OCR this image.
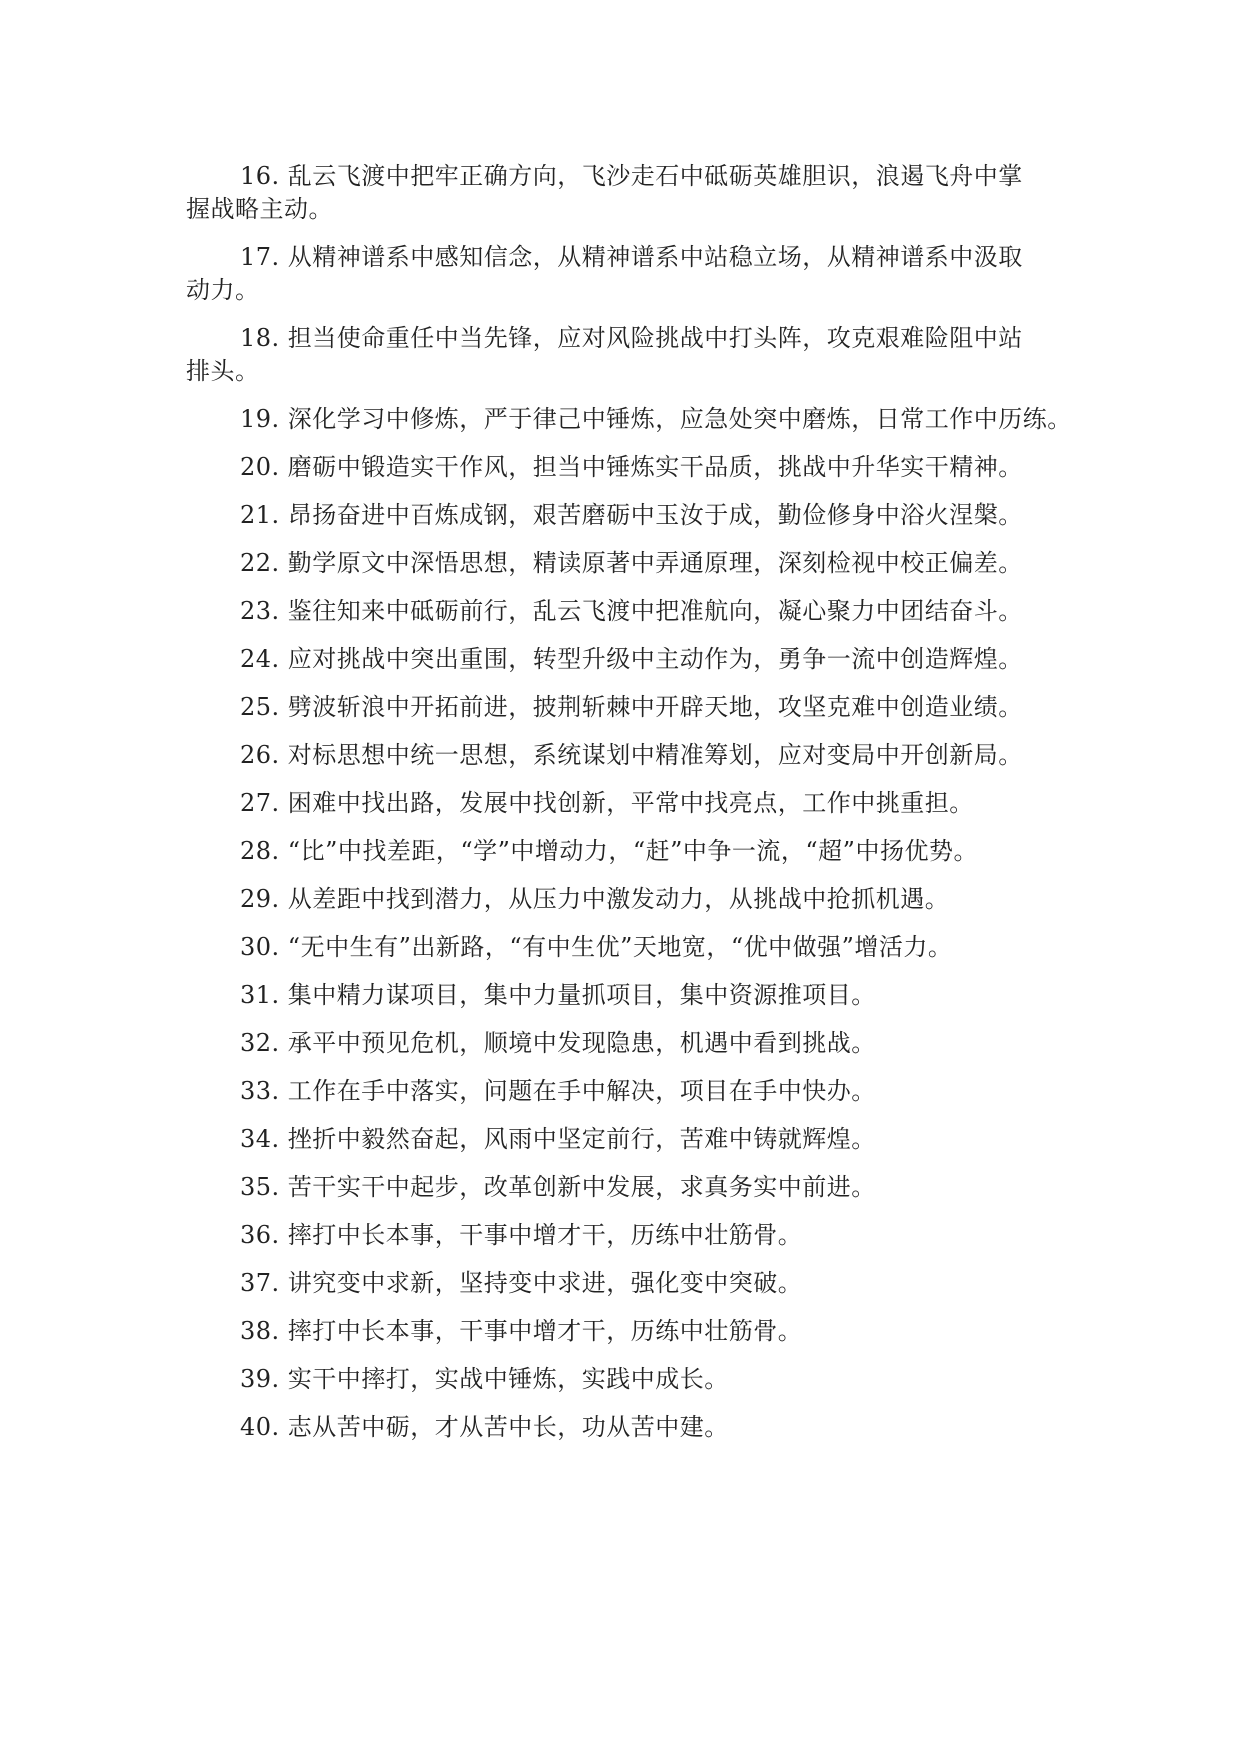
16. 乱云飞渡中把牢正确方向，飞沙走石中砥砺英雄胆识，浪遏飞舟中掌握战略主动。

17. 从精神谱系中感知信念，从精神谱系中站稳立场，从精神谱系中汲取动力。

18. 担当使命重任中当先锋，应对风险挑战中打头阵，攻克艰难险阻中站排头。

19. 深化学习中修炼，严于律己中锤炼，应急处突中磨炼，日常工作中历练。

20. 磨砺中锻造实干作风，担当中锤炼实干品质，挑战中升华实干精神。

21. 昂扬奋进中百炼成钢，艰苦磨砺中玉汝于成，勤俭修身中浴火涅槃。

22. 勤学原文中深悟思想，精读原著中弄通原理，深刻检视中校正偏差。

23. 鉴往知来中砥砺前行，乱云飞渡中把准航向，凝心聚力中团结奋斗。

24. 应对挑战中突出重围，转型升级中主动作为，勇争一流中创造辉煌。

25. 劈波斩浪中开拓前进，披荆斩棘中开辟天地，攻坚克难中创造业绩。

26. 对标思想中统一思想，系统谋划中精准筹划，应对变局中开创新局。

27. 困难中找出路，发展中找创新，平常中找亮点，工作中挑重担。

28. “比”中找差距，“学”中增动力，“赶”中争一流，“超”中扬优势。

29. 从差距中找到潜力，从压力中激发动力，从挑战中抢抓机遇。

30. “无中生有”出新路，“有中生优”天地宽，“优中做强”增活力。

31. 集中精力谋项目，集中力量抓项目，集中资源推项目。

32. 承平中预见危机，顺境中发现隐患，机遇中看到挑战。

33. 工作在手中落实，问题在手中解决，项目在手中快办。

34. 挫折中毅然奋起，风雨中坚定前行，苦难中铸就辉煌。

35. 苦干实干中起步，改革创新中发展，求真务实中前进。

36. 摔打中长本事，干事中增才干，历练中壮筋骨。

37. 讲究变中求新，坚持变中求进，强化变中突破。

38. 摔打中长本事，干事中增才干，历练中壮筋骨。

39. 实干中摔打，实战中锤炼，实践中成长。

40. 志从苦中砺，才从苦中长，功从苦中建。
